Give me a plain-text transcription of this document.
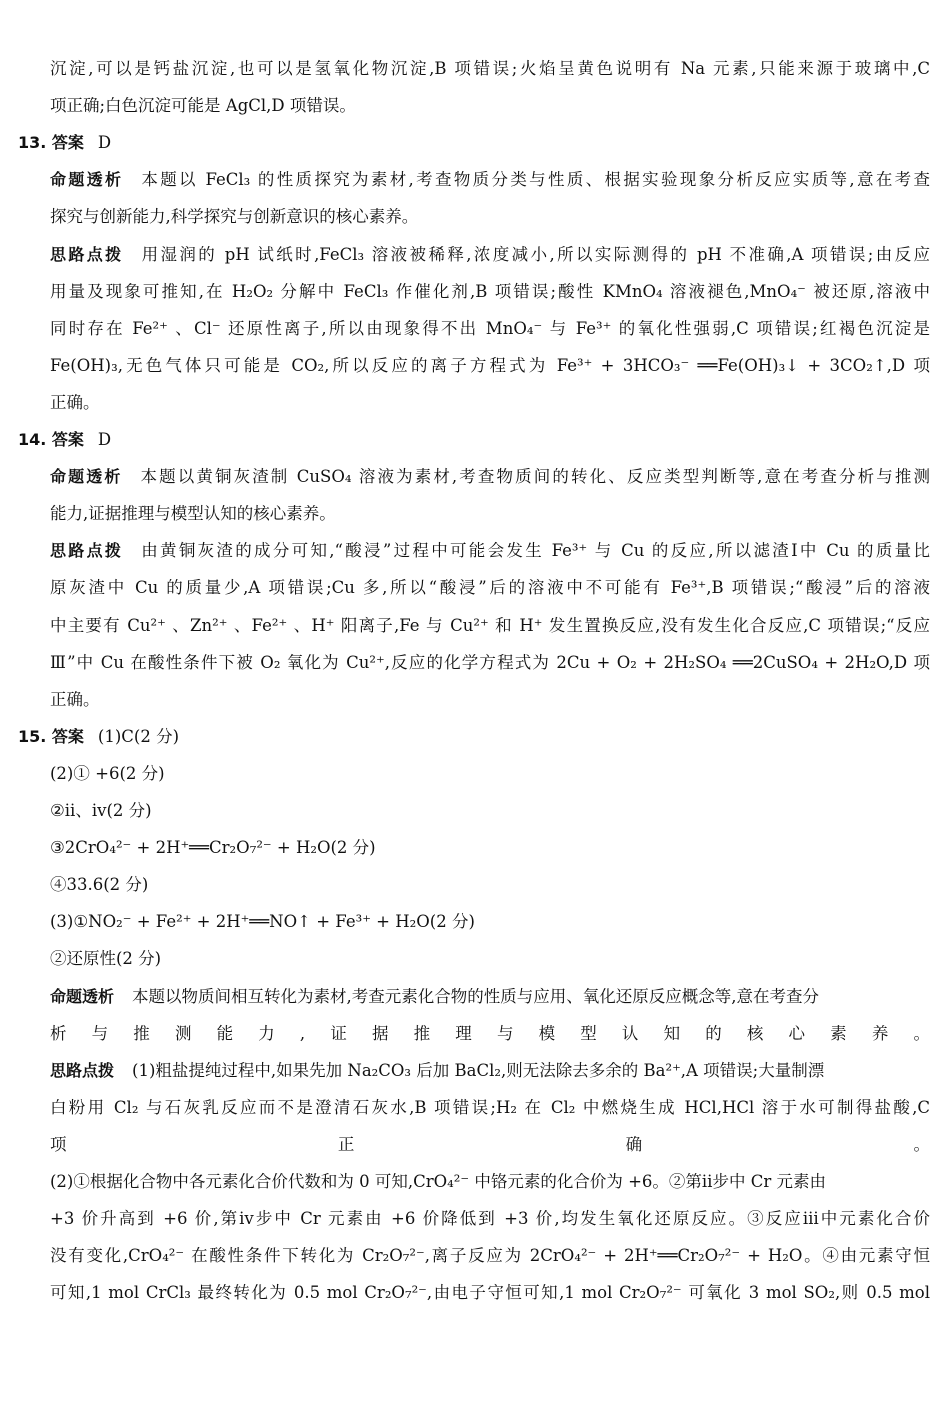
沉淀,可以是钙盐沉淀,也可以是氢氧化物沉淀,B 项错误;火焰呈黄色说明有 Na 元素,只能来源于玻璃中,C
项正确;白色沉淀可能是 AgCl,D 项错误。
13. 答案 D
命题透析 本题以 FeCl₃ 的性质探究为素材,考查物质分类与性质、根据实验现象分析反应实质等,意在考查
探究与创新能力,科学探究与创新意识的核心素养。
思路点拨 用湿润的 pH 试纸时,FeCl₃ 溶液被稀释,浓度减小,所以实际测得的 pH 不准确,A 项错误;由反应
用量及现象可推知,在 H₂O₂ 分解中 FeCl₃ 作催化剂,B 项错误;酸性 KMnO₄ 溶液褪色,MnO₄⁻ 被还原,溶液中
同时存在 Fe²⁺ 、Cl⁻ 还原性离子,所以由现象得不出 MnO₄⁻ 与 Fe³⁺ 的氧化性强弱,C 项错误;红褐色沉淀是
Fe(OH)₃,无色气体只可能是 CO₂,所以反应的离子方程式为 Fe³⁺ + 3HCO₃⁻ ══Fe(OH)₃↓ + 3CO₂↑,D 项
正确。
14. 答案 D
命题透析 本题以黄铜灰渣制 CuSO₄ 溶液为素材,考查物质间的转化、反应类型判断等,意在考查分析与推测
能力,证据推理与模型认知的核心素养。
思路点拨 由黄铜灰渣的成分可知,“酸浸”过程中可能会发生 Fe³⁺ 与 Cu 的反应,所以滤渣Ⅰ中 Cu 的质量比
原灰渣中 Cu 的质量少,A 项错误;Cu 多,所以“酸浸”后的溶液中不可能有 Fe³⁺,B 项错误;“酸浸”后的溶液
中主要有 Cu²⁺ 、Zn²⁺ 、Fe²⁺ 、H⁺ 阳离子,Fe 与 Cu²⁺ 和 H⁺ 发生置换反应,没有发生化合反应,C 项错误;“反应
Ⅲ”中 Cu 在酸性条件下被 O₂ 氧化为 Cu²⁺,反应的化学方程式为 2Cu + O₂ + 2H₂SO₄ ══2CuSO₄ + 2H₂O,D 项
正确。
15. 答案 (1)C(2 分)
(2)① +6(2 分)
②ⅱ、ⅳ(2 分)
③2CrO₄²⁻ + 2H⁺══Cr₂O₇²⁻ + H₂O(2 分)
④33.6(2 分)
(3)①NO₂⁻ + Fe²⁺ + 2H⁺══NO↑ + Fe³⁺ + H₂O(2 分)
②还原性(2 分)
命题透析 本题以物质间相互转化为素材,考查元素化合物的性质与应用、氧化还原反应概念等,意在考查分
析与推测能力,证据推理与模型认知的核心素养。
思路点拨 (1)粗盐提纯过程中,如果先加 Na₂CO₃ 后加 BaCl₂,则无法除去多余的 Ba²⁺,A 项错误;大量制漂
白粉用 Cl₂ 与石灰乳反应而不是澄清石灰水,B 项错误;H₂ 在 Cl₂ 中燃烧生成 HCl,HCl 溶于水可制得盐酸,C
项正确。
(2)①根据化合物中各元素化合价代数和为 0 可知,CrO₄²⁻ 中铬元素的化合价为 +6。②第ⅱ步中 Cr 元素由
+3 价升高到 +6 价,第ⅳ步中 Cr 元素由 +6 价降低到 +3 价,均发生氧化还原反应。③反应ⅲ中元素化合价
没有变化,CrO₄²⁻ 在酸性条件下转化为 Cr₂O₇²⁻,离子反应为 2CrO₄²⁻ + 2H⁺══Cr₂O₇²⁻ + H₂O。④由元素守恒
可知,1 mol CrCl₃ 最终转化为 0.5 mol Cr₂O₇²⁻,由电子守恒可知,1 mol Cr₂O₇²⁻ 可氧化 3 mol SO₂,则 0.5 mol
